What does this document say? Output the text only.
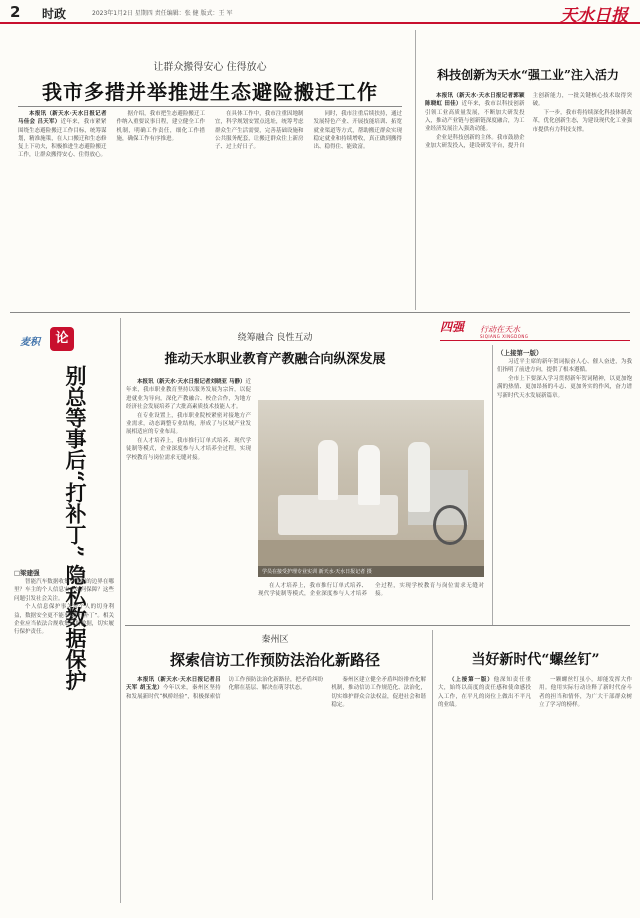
2 时政	2023年1月2日 星期四 责任编辑：张 健 版式：王 军	天水日报
让群众搬得安心 住得放心
我市多措并举推进生态避险搬迁工作

本报讯（新天水·天水日报记者马佳会 吕天军）近年来，我市紧紧围绕生态避险搬迁工作目标，统筹谋划，精准施策，在人口搬迁和生态修复上下功夫，积极推进生态避险搬迁工作，让群众搬得安心、住得放心。

据介绍，我市把生态避险搬迁工作纳入重要议事日程，建立健全工作机制，明确工作责任，细化工作措施，确保工作有序推进。

在具体工作中，我市注重因地制宜，科学规划安置点选址，统筹考虑群众生产生活需要，完善基础设施和公共服务配套，让搬迁群众住上新房子、过上好日子。

同时，我市注重后续扶持，通过发展特色产业、开展技能培训、拓宽就业渠道等方式，帮助搬迁群众实现稳定就业和持续增收，真正做到搬得出、稳得住、能致富。

科技创新为天水“强工业”注入活力

本报讯（新天水·天水日报记者郭颖 陈晓虹 田佳）近年来，我市以科技创新引领工业高质量发展，不断加大研发投入，推动产业链与创新链深度融合，为工业经济发展注入强劲动能。

企业是科技创新的主体。我市鼓励企业加大研发投入，建设研发平台，提升自主创新能力，一批关键核心技术取得突破。

下一步，我市将持续深化科技体制改革，优化创新生态，为建设现代化工业强市提供有力科技支撑。

麦积	论
别总等事后“打补丁” 隐私数据保护
□梁建强

智能汽车数据收集与使用的边界在哪里？车主的个人信息安全如何保障？这些问题引发社会关注。

个人信息保护事关每个人的切身利益，数据安全更不能事后“打补丁”。相关企业应当依法合规收集使用数据，切实履行保护责任。

绕筹融合 良性互动
推动天水职业教育产教融合向纵深发展

本报讯（新天水·天水日报记者刘晓亚 马静）近年来，我市职业教育坚持以服务发展为宗旨，以促进就业为导向，深化产教融合、校企合作，为地方经济社会发展培养了大批高素质技术技能人才。

在专业设置上，我市职业院校紧密对接地方产业需求，动态调整专业结构，形成了与区域产业发展相适应的专业布局。

在人才培养上，我市推行订单式培养、现代学徒制等模式，企业深度参与人才培养全过程，实现学校教育与岗位需求无缝对接。

学员在接受护理专业实训 新天水·天水日报记者 摄

在人才培养上，我市推行订单式培养、现代学徒制等模式，企业深度参与人才培养全过程，实现学校教育与岗位需求无缝对接。

四强 行动在天水
SIQIANG XINGDONG
（上接第一版）

习近平主席的新年贺词振奋人心、催人奋进，为我们指明了前进方向，提供了根本遵循。

全市上下要深入学习贯彻新年贺词精神，以更加饱满的热情、更加昂扬的斗志、更加务实的作风，奋力谱写新时代天水发展新篇章。

秦州区
探索信访工作预防法治化新路径

本报讯（新天水·天水日报记者吕天军 胡玉龙）今年以来，秦州区坚持和发展新时代“枫桥经验”，积极探索信访工作预防法治化新路径，把矛盾纠纷化解在基层、解决在萌芽状态。

秦州区建立健全矛盾纠纷排查化解机制，推动信访工作规范化、法治化，切实维护群众合法权益，促进社会和谐稳定。

当好新时代“螺丝钉”

（上接第一版）他深知责任重大，始终以高度的责任感和使命感投入工作，在平凡的岗位上做出不平凡的业绩。

一颗螺丝钉虽小，却能发挥大作用。他用实际行动诠释了新时代奋斗者的担当和情怀，为广大干部群众树立了学习的榜样。
